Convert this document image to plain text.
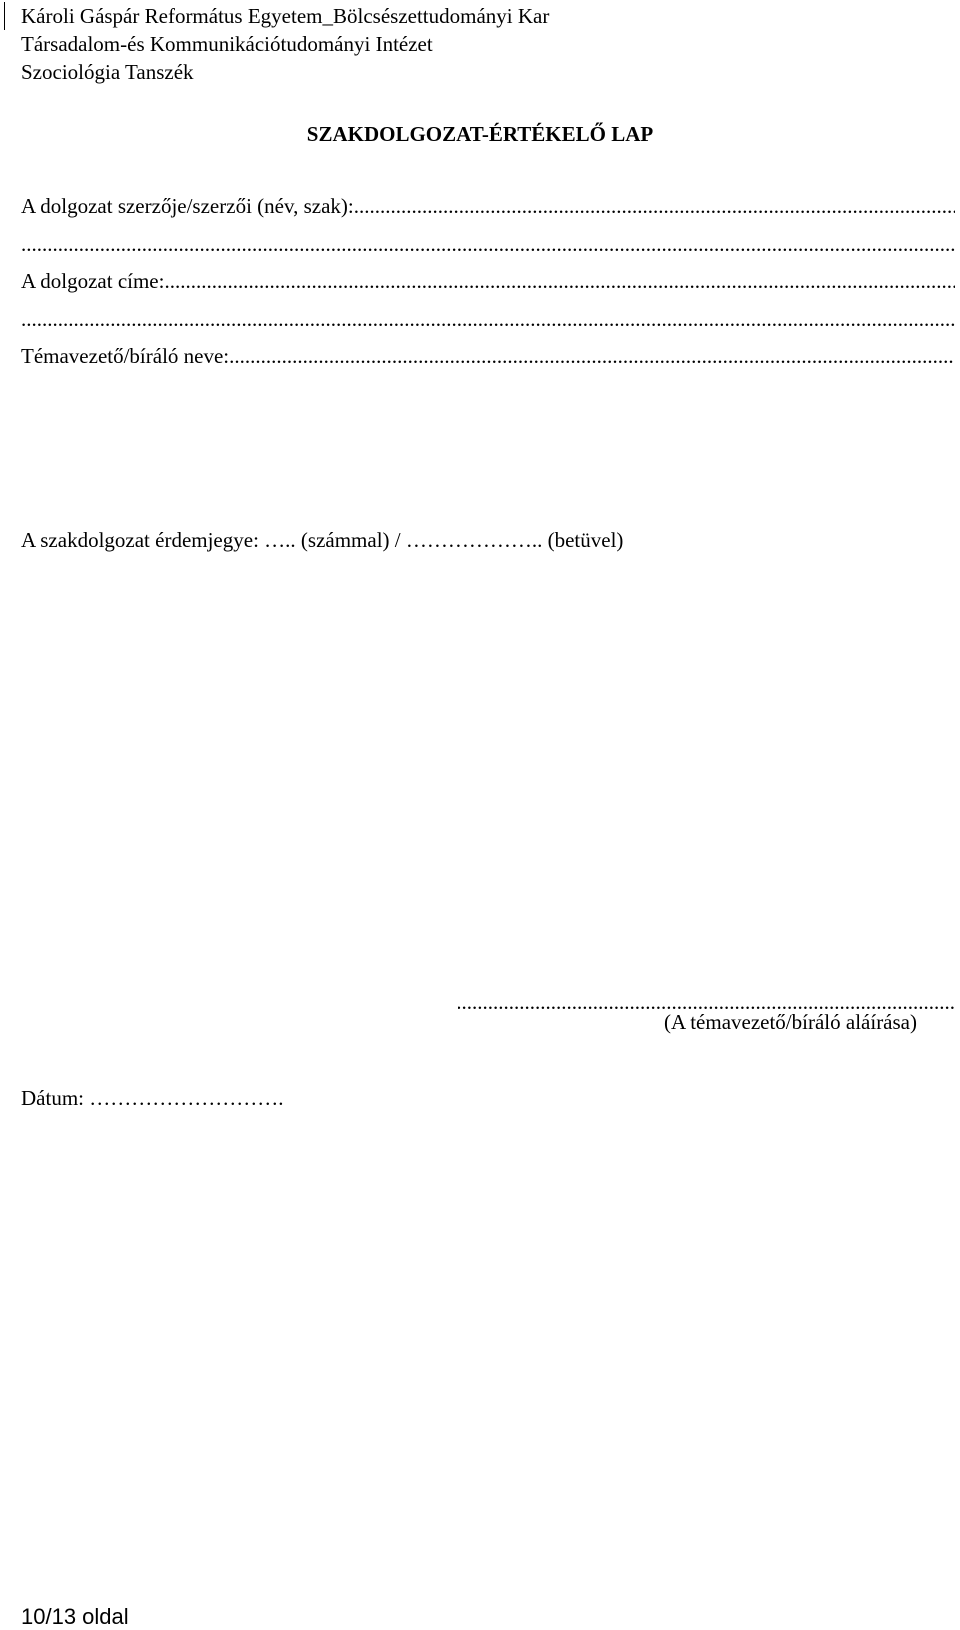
Károli Gáspár Református Egyetem_Bölcsészettudományi Kar
Társadalom-és Kommunikációtudományi Intézet
Szociológia Tanszék
SZAKDOLGOZAT-ÉRTÉKELŐ LAP
A dolgozat szerzője/szerzői (név, szak):
.....
.....
A dolgozat címe:
.....
.....
Témavezető/bíráló neve:
.....
A szakdolgozat érdemjegye: ….. (számmal) / ……………….. (betüvel)
.....
(A témavezető/bíráló aláírása)
Dátum: ……………………….
10/13 oldal
